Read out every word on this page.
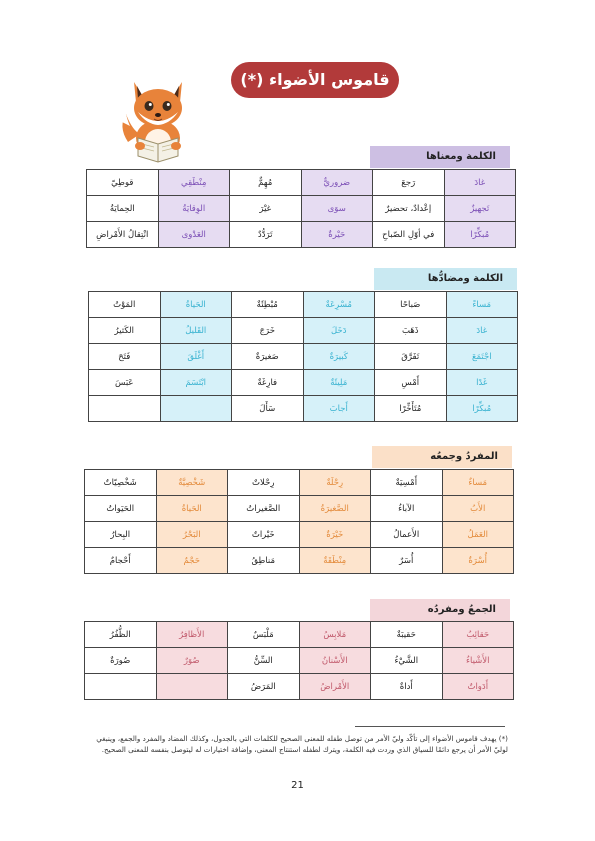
قاموس الأضواء (*)
الكلمة ومعناها
غادَ	رَجعَ	ضروريٌّ	مُهِمٌّ	مِنْطَقِي	قوطِيّ
تَجهيزٌ	إعْدادٌ، تحضيرٌ	سوَى	غيْرَ	الوِقايَةُ	الحِمايَةُ
مُبكِّرًا	في أوّلِ الصّباحِ	حَيْرةٌ	تَرَدُّدٌ	العَدْوى	انْتِقالُ الأَمْراضِ
الكلمة ومضادُّها
مَساءً	صَباحًا	مُسْرِعَةٌ	مُبْطِئَةٌ	الحَياةُ	المَوْتُ
غادَ	ذَهَبَ	دَخَلَ	خَرَجَ	القَليلُ	الكَثيرُ
اجْتَمَعَ	تَفَرَّقَ	كَبيرَةٌ	صَغيرَةٌ	أَغْلَقَ	فَتَحَ
غَدًا	أَمْسِ	مَلِيئَةٌ	فارِغَةٌ	ابْتَسَمَ	عَبَسَ
مُبكِّرًا	مُتَأَخِّرًا	أَجابَ	سَأَلَ		
المفردُ وجمعُه
مَساءٌ	أَمْسِيَةٌ	رِحْلَةٌ	رِحْلاتٌ	شَخْصِيَّةٌ	شَخْصِيّاتٌ
الأَبُ	الآباءُ	الصَّغيرَةُ	الصَّغيراتُ	الحَياةُ	الحَيَواتُ
العَمَلُ	الأَعمالُ	خَيْرَةٌ	خَيْراتٌ	البَحْرُ	البِحارُ
أُسْرَةٌ	أُسَرٌ	مِنْطَقَةٌ	مَناطِقُ	حَجْمٌ	أَحْجامٌ
الجمعُ ومفردُه
حَقائِبُ	حَقيبَةٌ	مَلابِسُ	مَلْبَسٌ	الأَظافِرُ	الظُّفُرُ
الأَشْياءُ	الشَّيْءُ	الأَسْنانُ	السِّنُّ	صُوَرٌ	صُورَةٌ
أَدَواتٌ	أَداةٌ	الأَمْراضُ	المَرَضُ		
(*) يهدف قاموس الأضواء إلى تأكّد وليّ الأمر من توصل طفله للمعنى الصحيح للكلمات التي بالجدول، وكذلك المضاد والمفرد والجمع، وينبغي لوليّ الأمر أن يرجع دائمًا للسياق الذي وردت فيه الكلمة، ويترك لطفله استنتاج المعنى، وإضافة اختيارات له ليتوصل بنفسه للمعنى الصحيح.
21
